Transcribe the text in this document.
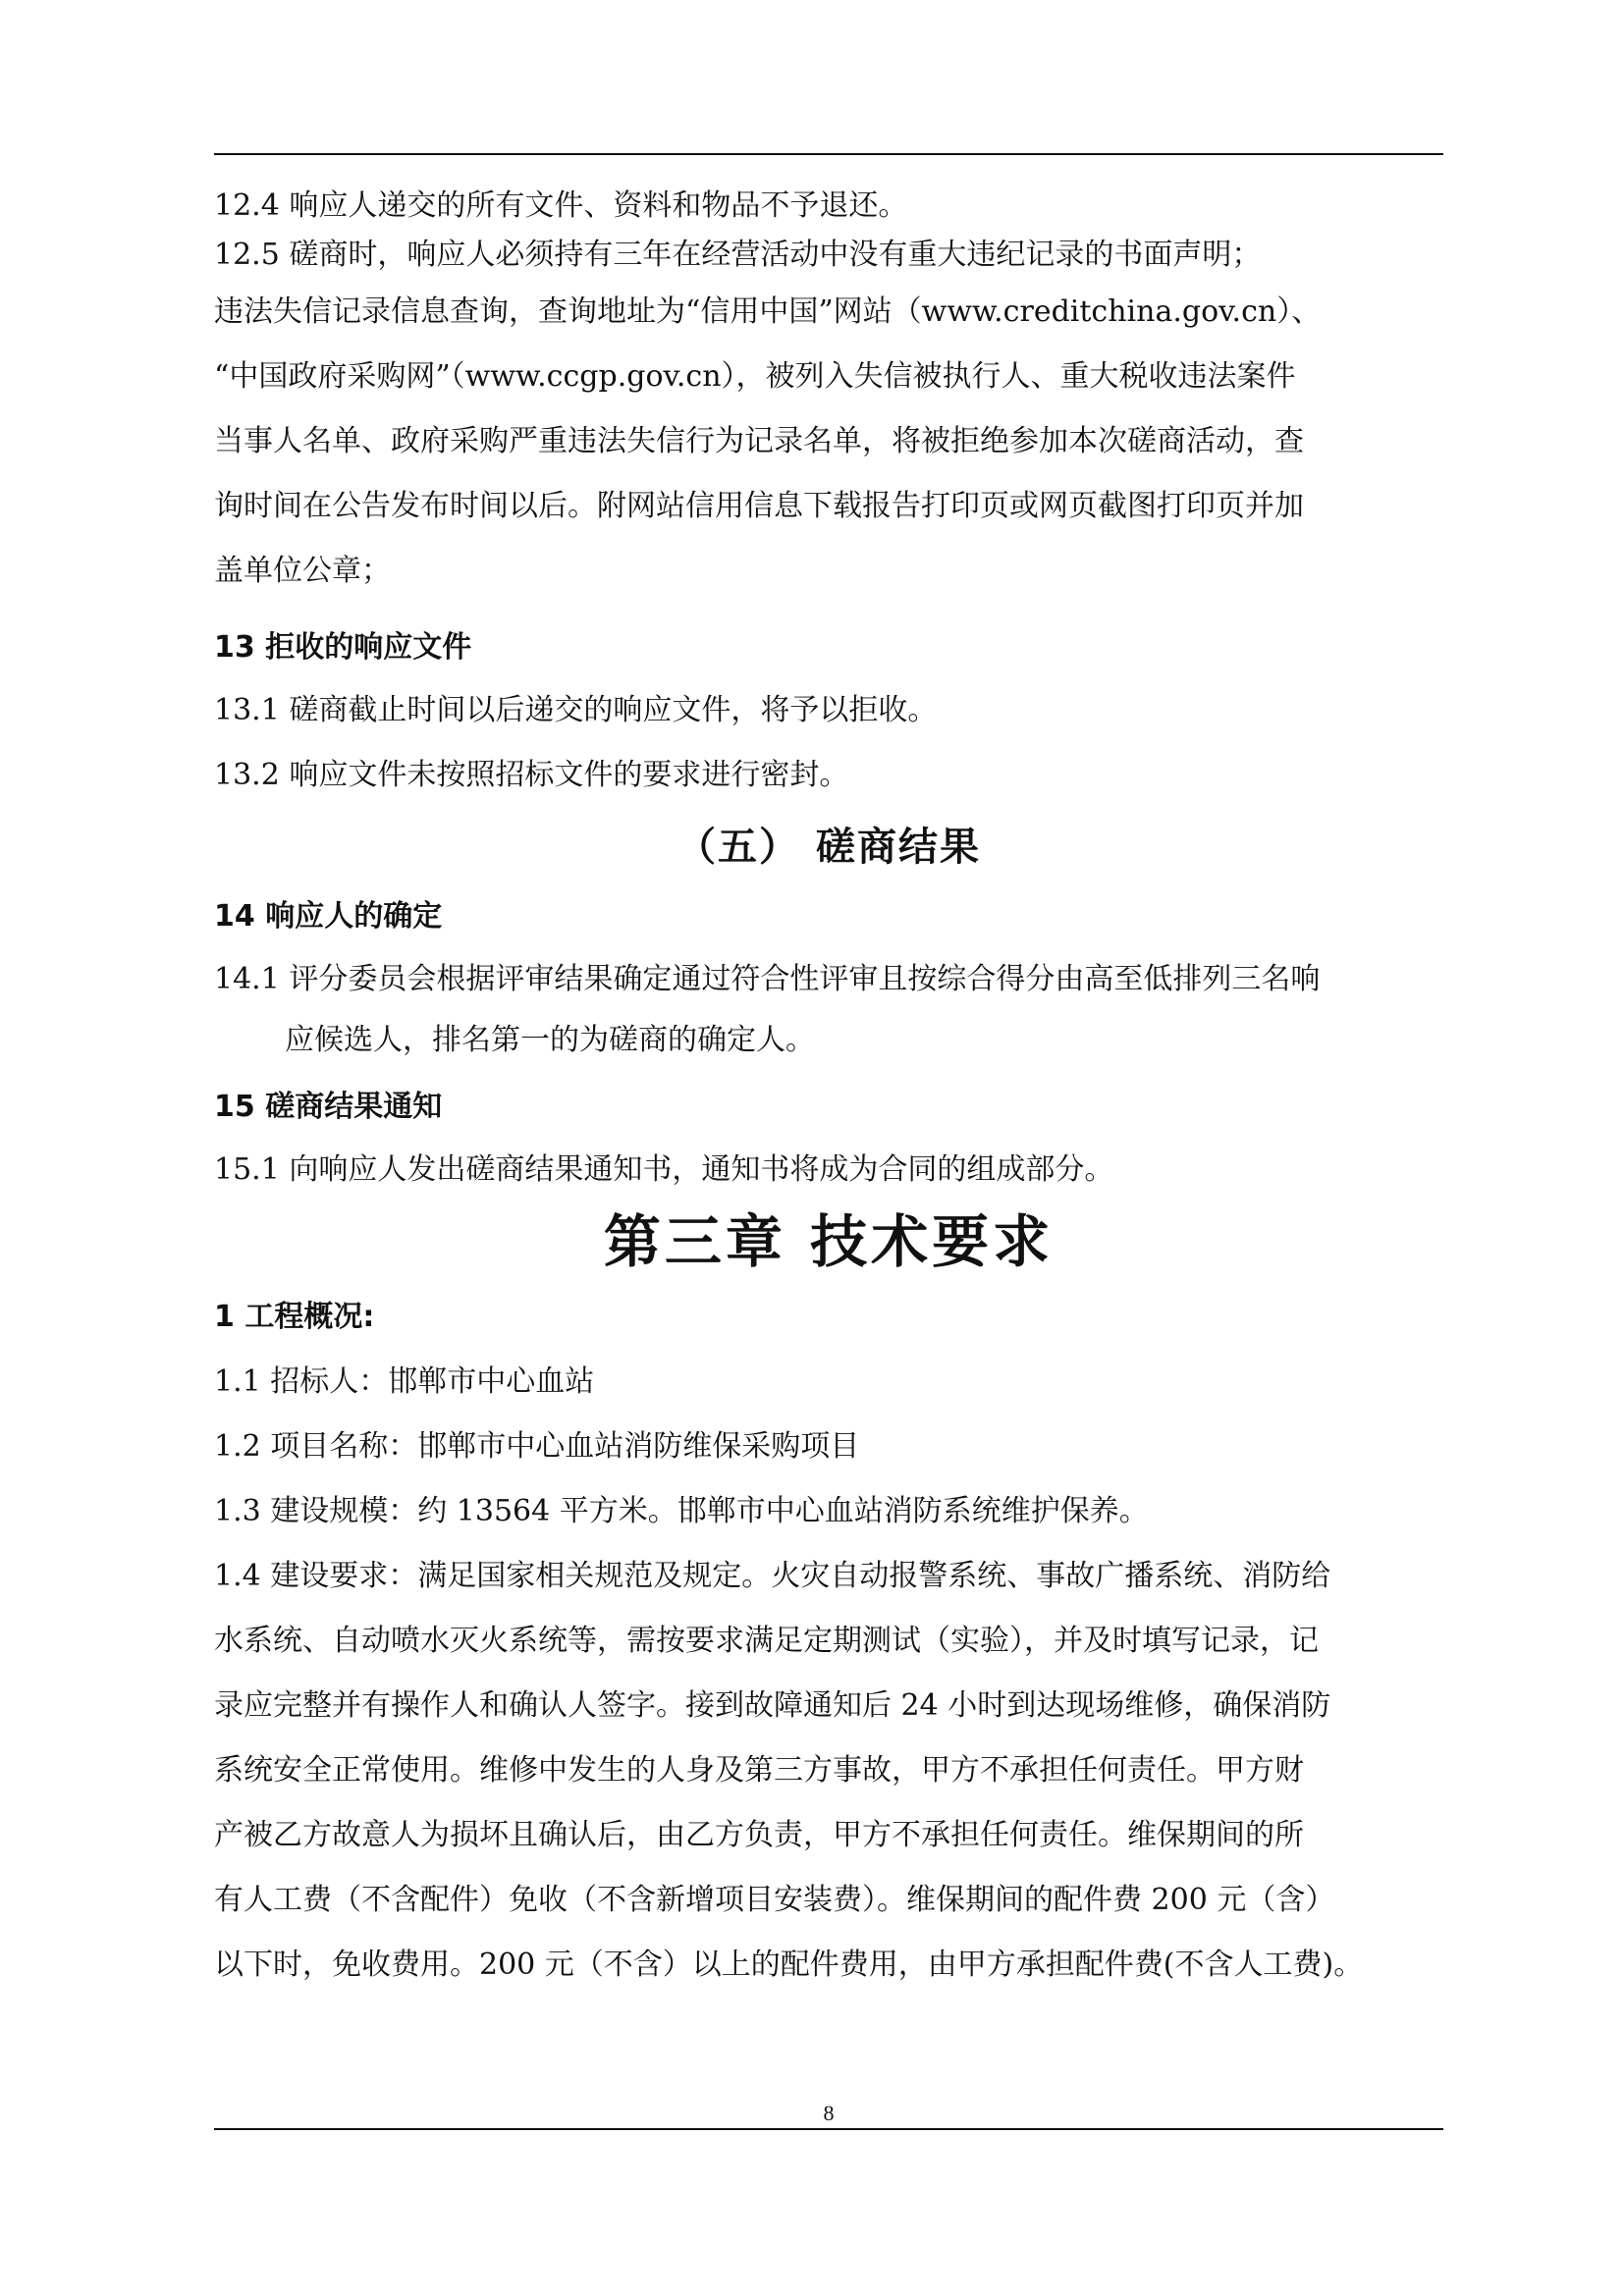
12.4 响应人递交的所有文件、资料和物品不予退还。
12.5 磋商时，响应人必须持有三年在经营活动中没有重大违纪记录的书面声明；
违法失信记录信息查询，查询地址为“信用中国”网站（www.creditchina.gov.cn）、
“中国政府采购网”（www.ccgp.gov.cn），被列入失信被执行人、重大税收违法案件
当事人名单、政府采购严重违法失信行为记录名单，将被拒绝参加本次磋商活动，查
询时间在公告发布时间以后。附网站信用信息下载报告打印页或网页截图打印页并加
盖单位公章；
13 拒收的响应文件
13.1 磋商截止时间以后递交的响应文件，将予以拒收。
13.2 响应文件未按照招标文件的要求进行密封。
（五） 磋商结果
14 响应人的确定
14.1 评分委员会根据评审结果确定通过符合性评审且按综合得分由高至低排列三名响
应候选人，排名第一的为磋商的确定人。
15 磋商结果通知
15.1 向响应人发出磋商结果通知书，通知书将成为合同的组成部分。
第三章 技术要求
1 工程概况:
1.1 招标人：邯郸市中心血站
1.2 项目名称：邯郸市中心血站消防维保采购项目
1.3 建设规模：约 13564 平方米。邯郸市中心血站消防系统维护保养。
1.4 建设要求：满足国家相关规范及规定。火灾自动报警系统、事故广播系统、消防给
水系统、自动喷水灭火系统等，需按要求满足定期测试（实验），并及时填写记录，记
录应完整并有操作人和确认人签字。接到故障通知后 24 小时到达现场维修，确保消防
系统安全正常使用。维修中发生的人身及第三方事故，甲方不承担任何责任。甲方财
产被乙方故意人为损坏且确认后，由乙方负责，甲方不承担任何责任。维保期间的所
有人工费（不含配件）免收（不含新增项目安装费）。维保期间的配件费 200 元（含）
以下时，免收费用。200 元（不含）以上的配件费用，由甲方承担配件费(不含人工费)。
8
